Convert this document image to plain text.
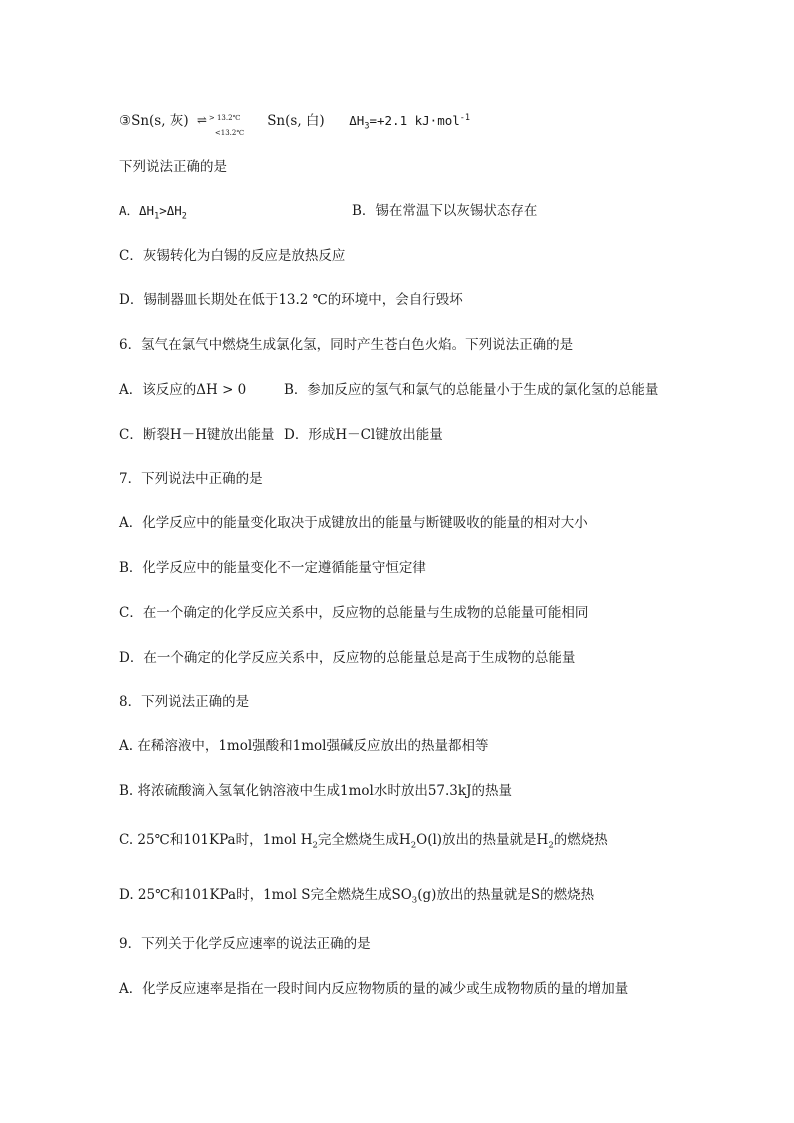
③Sn(s, 灰) ⇌ > 13.2℃
<13.2℃
Sn(s, 白) $\Delta H_3=+2.1$ kJ·mol$^{-1}$
下列说法正确的是
A．$\Delta H_1>\Delta H_2$	B．锡在常温下以灰锡状态存在
C．灰锡转化为白锡的反应是放热反应
D．锡制器皿长期处在低于13.2 ℃的环境中，会自行毁坏
6．氢气在氯气中燃烧生成氯化氢，同时产生苍白色火焰。下列说法正确的是
A．该反应的ΔH > 0	B．参加反应的氢气和氯气的总能量小于生成的氯化氢的总能量
C．断裂H－H键放出能量 D．形成H－Cl键放出能量
7．下列说法中正确的是
A．化学反应中的能量变化取决于成键放出的能量与断键吸收的能量的相对大小
B．化学反应中的能量变化不一定遵循能量守恒定律
C．在一个确定的化学反应关系中，反应物的总能量与生成物的总能量可能相同
D．在一个确定的化学反应关系中，反应物的总能量总是高于生成物的总能量
8．下列说法正确的是
A. 在稀溶液中，1mol强酸和1mol强碱反应放出的热量都相等
B. 将浓硫酸滴入氢氧化钠溶液中生成1mol水时放出57.3kJ的热量
C. 25℃和101KPa时，1mol $H_2$完全燃烧生成$H_2O(l)$放出的热量就是$H_2$的燃烧热
D. 25℃和101KPa时，1mol S完全燃烧生成$SO_3(g)$放出的热量就是S的燃烧热
9．下列关于化学反应速率的说法正确的是
A．化学反应速率是指在一段时间内反应物物质的量的减少或生成物物质的量的增加量
